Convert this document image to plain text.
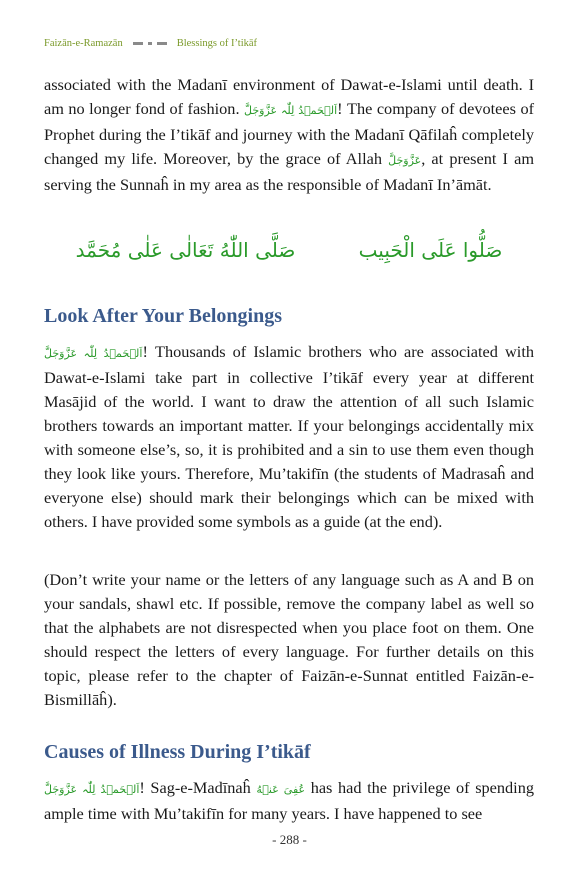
Faizān-e-Ramazān	Blessings of I’tikāf

associated with the Madanī environment of Dawat-e-Islami until death. I am no longer fond of fashion. اَلۡحَمۡدُ لِلّٰہ عَزَّوَجَلَّ! The company of devotees of Prophet during the I’tikāf and journey with the Madanī Qāfilaĥ completely changed my life. Moreover, by the grace of Allah عَزَّوَجَلَّ, at present I am serving the Sunnaĥ in my area as the responsible of Madanī In’āmāt.

صَلُّوا عَلَی الْحَبِیب
صَلَّی اللّٰهُ تَعَالٰی عَلٰی مُحَمَّد
Look After Your Belongings

اَلۡحَمۡدُ لِلّٰہ عَزَّوَجَلَّ! Thousands of Islamic brothers who are associated with Dawat-e-Islami take part in collective I’tikāf every year at different Masājid of the world. I want to draw the attention of all such Islamic brothers towards an important matter. If your belongings accidentally mix with someone else’s, so, it is prohibited and a sin to use them even though they look like yours. Therefore, Mu’takifīn (the students of Madrasaĥ and everyone else) should mark their belongings which can be mixed with others. I have provided some symbols as a guide (at the end).

(Don’t write your name or the letters of any language such as A and B on your sandals, shawl etc. If possible, remove the company label as well so that the alphabets are not disrespected when you place foot on them. One should respect the letters of every language. For further details on this topic, please refer to the chapter of Faizān-e-Sunnat entitled Faizān-e-Bismillāĥ).

Causes of Illness During I’tikāf

اَلۡحَمۡدُ لِلّٰہ عَزَّوَجَلَّ! Sag-e-Madīnaĥ عُفِیَ عَنۡهُ has had the privilege of spending ample time with Mu’takifīn for many years. I have happened to see

- 288 -
